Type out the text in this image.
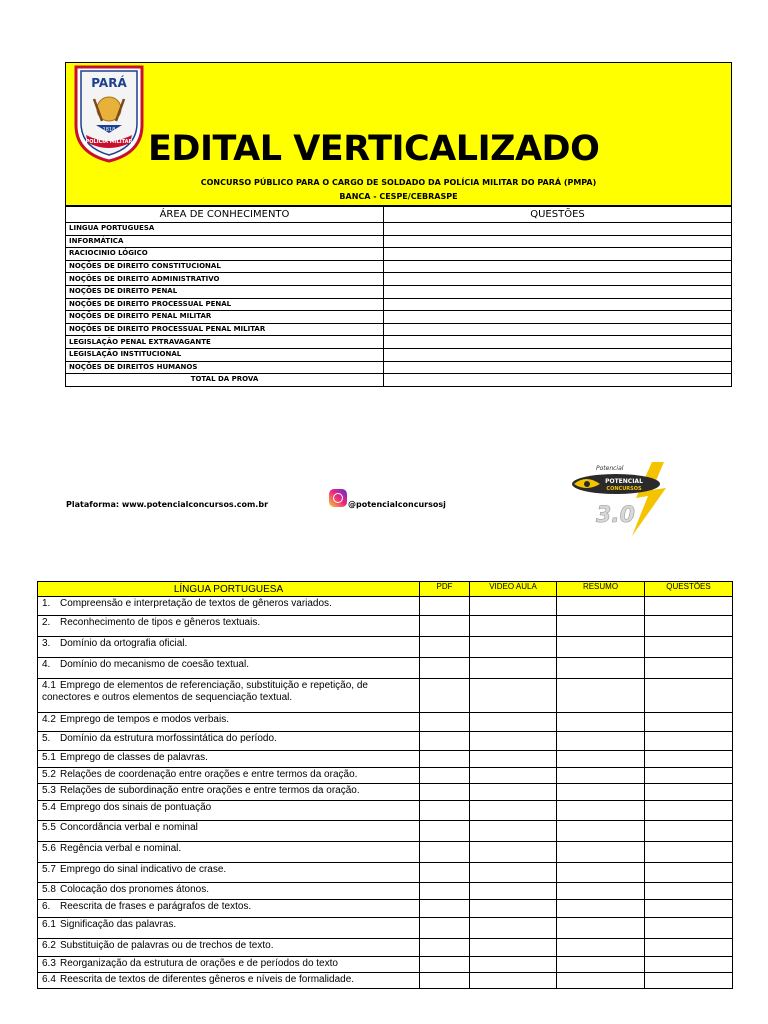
PARÁ
POLÍCIA MILITAR
1818 EDITAL VERTICALIZADO
CONCURSO PÚBLICO PARA O CARGO DE SOLDADO DA POLÍCIA MILITAR DO PARÁ (PMPA)
BANCA - CESPE/CEBRASPE
ÁREA DE CONHECIMENTO	QUESTÕES
LINGUA PORTUGUESA	
INFORMÁTICA	
RACIOCINIO LÓGICO	
NOÇÕES DE DIREITO CONSTITUCIONAL	
NOÇÕES DE DIREITO ADMINISTRATIVO	
NOÇÕES DE DIREITO PENAL	
NOÇÕES DE DIREITO PROCESSUAL PENAL	
NOÇÕES DE DIREITO PENAL MILITAR	
NOÇÕES DE DIREITO PROCESSUAL PENAL MILITAR	
LEGISLAÇÃO PENAL EXTRAVAGANTE	
LEGISLAÇÃO INSTITUCIONAL	
NOÇÕES DE DIREITOS HUMANOS	
TOTAL DA PROVA	
Plataforma: www.potencialconcursos.com.br	@potencialconcursosj
Potencial
POTENCIAL
CONCURSOS
3.0
LÍNGUA PORTUGUESA	PDF	VIDEO AULA	RESUMO	QUESTÕES
1. Compreensão e interpretação de textos de gêneros variados.				
2. Reconhecimento de tipos e gêneros textuais.				
3. Domínio da ortografia oficial.				
4. Domínio do mecanismo de coesão textual.				
4.1 Emprego de elementos de referenciação, substituição e repetição, de conectores e outros elementos de sequenciação textual.				
4.2 Emprego de tempos e modos verbais.				
5. Domínio da estrutura morfossintática do período.				
5.1 Emprego de classes de palavras.				
5.2 Relações de coordenação entre orações e entre termos da oração.				
5.3 Relações de subordinação entre orações e entre termos da oração.				
5.4 Emprego dos sinais de pontuação				
5.5 Concordância verbal e nominal				
5.6 Regência verbal e nominal.				
5.7 Emprego do sinal indicativo de crase.				
5.8 Colocação dos pronomes átonos.				
6. Reescrita de frases e parágrafos de textos.				
6.1 Significação das palavras.				
6.2 Substituição de palavras ou de trechos de texto.				
6.3 Reorganização da estrutura de orações e de períodos do texto				
6.4 Reescrita de textos de diferentes gêneros e níveis de formalidade.				
